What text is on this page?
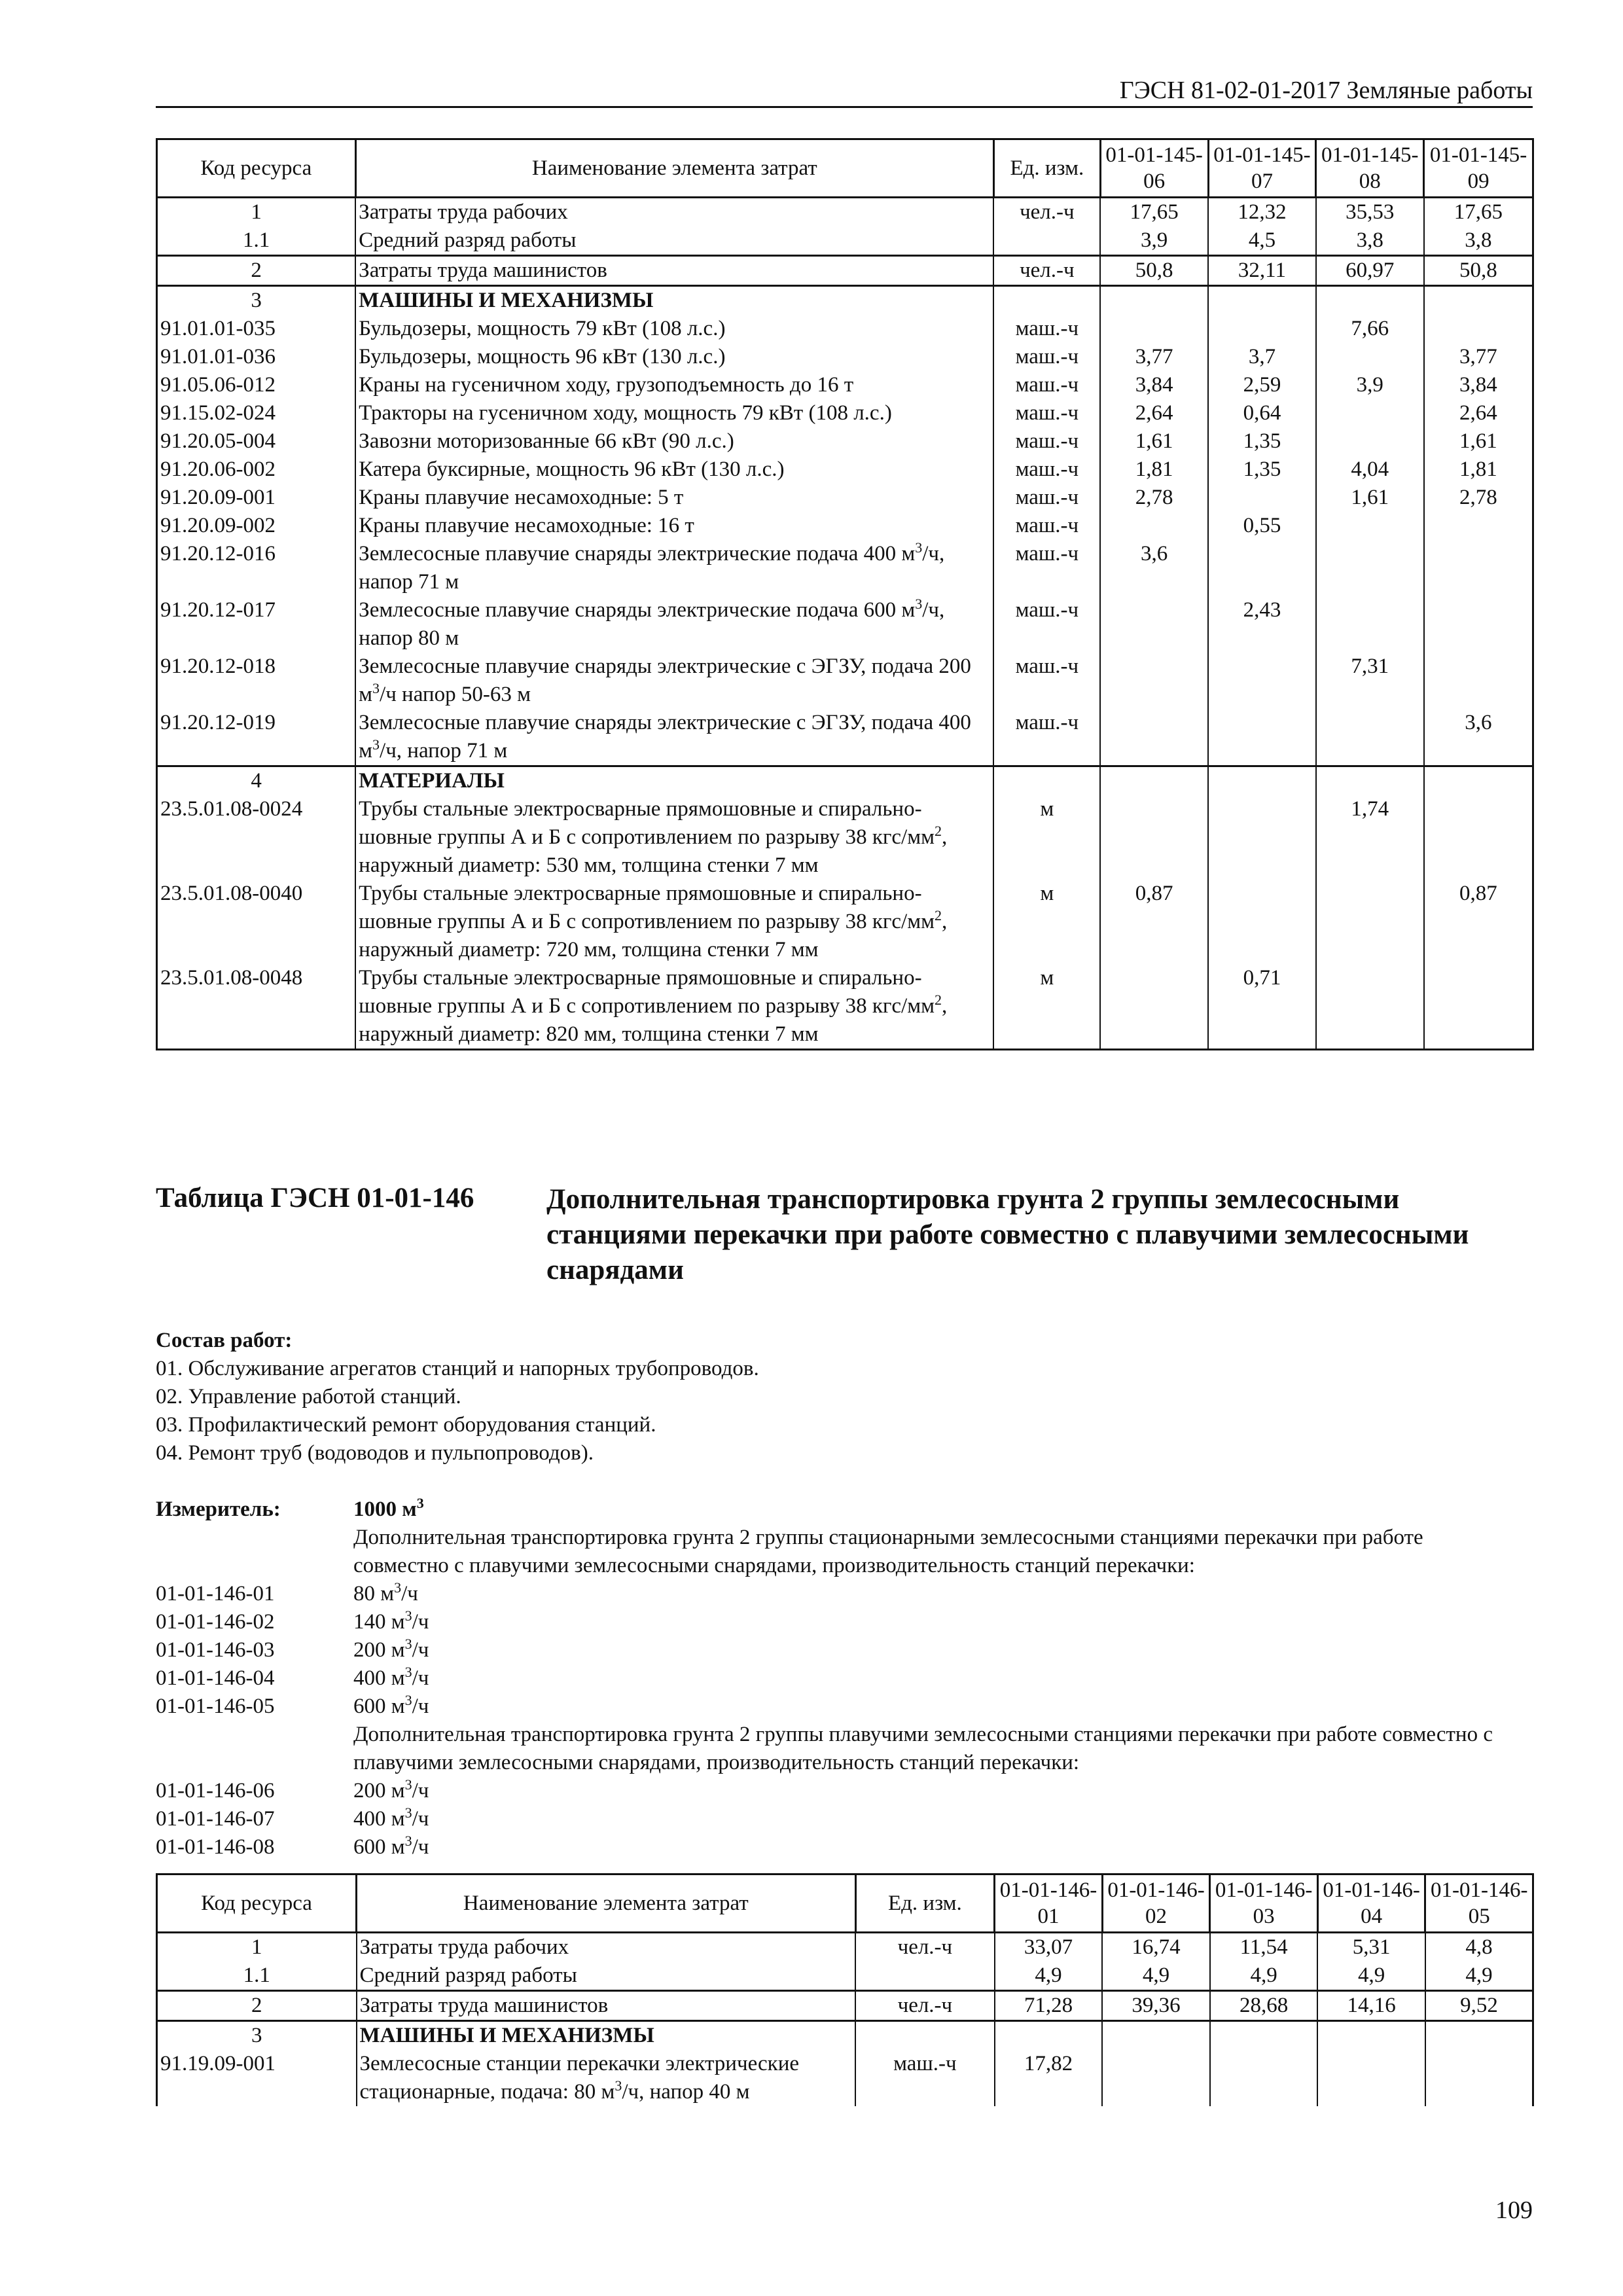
ГЭСН 81-02-01-2017 Земляные работы
Код ресурса	Наименование элемента затрат	Ед. изм.	01-01-145-06	01-01-145-07	01-01-145-08	01-01-145-09
1	Затраты труда рабочих	чел.-ч	17,65	12,32	35,53	17,65
1.1	Средний разряд работы		3,9	4,5	3,8	3,8
2	Затраты труда машинистов	чел.-ч	50,8	32,11	60,97	50,8
3	МАШИНЫ И МЕХАНИЗМЫ					
91.01.01-035	Бульдозеры, мощность 79 кВт (108 л.с.)	маш.-ч			7,66	
91.01.01-036	Бульдозеры, мощность 96 кВт (130 л.с.)	маш.-ч	3,77	3,7		3,77
91.05.06-012	Краны на гусеничном ходу, грузоподъемность до 16 т	маш.-ч	3,84	2,59	3,9	3,84
91.15.02-024	Тракторы на гусеничном ходу, мощность 79 кВт (108 л.с.)	маш.-ч	2,64	0,64		2,64
91.20.05-004	Завозни моторизованные 66 кВт (90 л.с.)	маш.-ч	1,61	1,35		1,61
91.20.06-002	Катера буксирные, мощность 96 кВт (130 л.с.)	маш.-ч	1,81	1,35	4,04	1,81
91.20.09-001	Краны плавучие несамоходные: 5 т	маш.-ч	2,78		1,61	2,78
91.20.09-002	Краны плавучие несамоходные: 16 т	маш.-ч		0,55		
91.20.12-016	Землесосные плавучие снаряды электрические подача 400 $м^3/ч$, напор 71 м	маш.-ч	3,6			
91.20.12-017	Землесосные плавучие снаряды электрические подача 600 $м^3/ч$, напор 80 м	маш.-ч		2,43		
91.20.12-018	Землесосные плавучие снаряды электрические с ЭГЗУ, подача 200 $м^3/ч$ напор 50-63 м	маш.-ч			7,31	
91.20.12-019	Землесосные плавучие снаряды электрические с ЭГЗУ, подача 400 $м^3/ч$, напор 71 м	маш.-ч				3,6
4	МАТЕРИАЛЫ					
23.5.01.08-0024	Трубы стальные электросварные прямошовные и спирально-шовные группы А и Б с сопротивлением по разрыву 38 кгс/$мм^2$, наружный диаметр: 530 мм, толщина стенки 7 мм	м			1,74	
23.5.01.08-0040	Трубы стальные электросварные прямошовные и спирально-шовные группы А и Б с сопротивлением по разрыву 38 кгс/$мм^2$, наружный диаметр: 720 мм, толщина стенки 7 мм	м	0,87			0,87
23.5.01.08-0048	Трубы стальные электросварные прямошовные и спирально-шовные группы А и Б с сопротивлением по разрыву 38 кгс/$мм^2$, наружный диаметр: 820 мм, толщина стенки 7 мм	м		0,71		
Таблица ГЭСН 01-01-146	Дополнительная транспортировка грунта 2 группы землесосными станциями перекачки при работе совместно с плавучими землесосными снарядами
Состав работ:
01. Обслуживание агрегатов станций и напорных трубопроводов.
02. Управление работой станций.
03. Профилактический ремонт оборудования станций.
04. Ремонт труб (водоводов и пульпопроводов).
Измеритель:	1000 $м^3$
Дополнительная транспортировка грунта 2 группы стационарными землесосными станциями перекачки при работе совместно с плавучими землесосными снарядами, производительность станций перекачки:
01-01-146-01	80 $м^3/ч$
01-01-146-02	140 $м^3/ч$
01-01-146-03	200 $м^3/ч$
01-01-146-04	400 $м^3/ч$
01-01-146-05	600 $м^3/ч$
Дополнительная транспортировка грунта 2 группы плавучими землесосными станциями перекачки при работе совместно с плавучими землесосными снарядами, производительность станций перекачки:
01-01-146-06	200 $м^3/ч$
01-01-146-07	400 $м^3/ч$
01-01-146-08	600 $м^3/ч$
Код ресурса	Наименование элемента затрат	Ед. изм.	01-01-146-01	01-01-146-02	01-01-146-03	01-01-146-04	01-01-146-05
1	Затраты труда рабочих	чел.-ч	33,07	16,74	11,54	5,31	4,8
1.1	Средний разряд работы		4,9	4,9	4,9	4,9	4,9
2	Затраты труда машинистов	чел.-ч	71,28	39,36	28,68	14,16	9,52
3	МАШИНЫ И МЕХАНИЗМЫ						
91.19.09-001	Землесосные станции перекачки электрические стационарные, подача: 80 $м^3/ч$, напор 40 м	маш.-ч	17,82				
109
